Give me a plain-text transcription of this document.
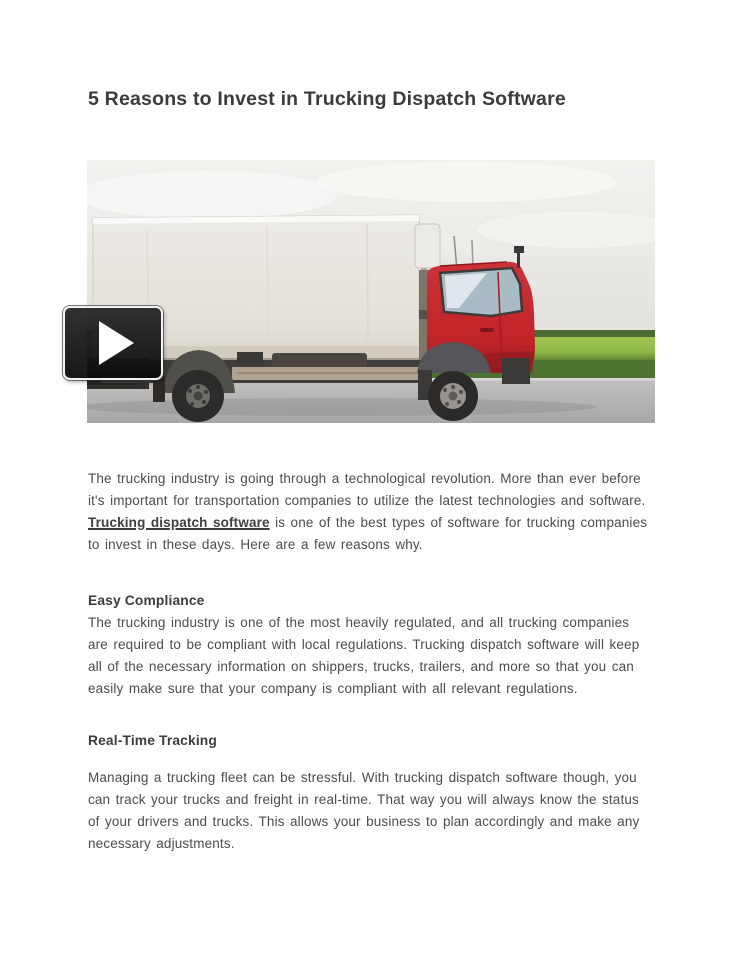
5 Reasons to Invest in Trucking Dispatch Software

The trucking industry is going through a technological revolution. More than ever before it's important for transportation companies to utilize the latest technologies and software. Trucking dispatch software is one of the best types of software for trucking companies to invest in these days. Here are a few reasons why.

Easy Compliance

The trucking industry is one of the most heavily regulated, and all trucking companies are required to be compliant with local regulations. Trucking dispatch software will keep all of the necessary information on shippers, trucks, trailers, and more so that you can easily make sure that your company is compliant with all relevant regulations.

Real-Time Tracking

Managing a trucking fleet can be stressful. With trucking dispatch software though, you can track your trucks and freight in real-time. That way you will always know the status of your drivers and trucks. This allows your business to plan accordingly and make any necessary adjustments.
